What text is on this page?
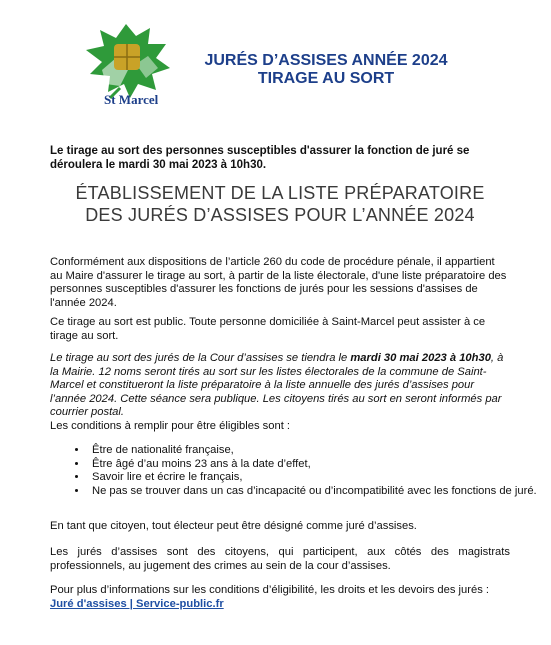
St Marcel
JURÉS D’ASSISES ANNÉE 2024
TIRAGE AU SORT
Le tirage au sort des personnes susceptibles d'assurer la fonction de juré se déroulera le mardi 30 mai 2023 à 10h30.
ÉTABLISSEMENT DE LA LISTE PRÉPARATOIRE
DES JURÉS D’ASSISES POUR L’ANNÉE 2024
Conformément aux dispositions de l’article 260 du code de procédure pénale, il appartient au Maire d'assurer le tirage au sort, à partir de la liste électorale, d'une liste préparatoire des personnes susceptibles d'assurer les fonctions de jurés pour les sessions d'assises de l'année 2024.
Ce tirage au sort est public. Toute personne domiciliée à Saint-Marcel peut assister à ce tirage au sort.
Le tirage au sort des jurés de la Cour d’assises se tiendra le mardi 30 mai 2023 à 10h30, à la Mairie. 12 noms seront tirés au sort sur les listes électorales de la commune de Saint-Marcel et constitueront la liste préparatoire à la liste annuelle des jurés d’assises pour l’année 2024. Cette séance sera publique. Les citoyens tirés au sort en seront informés par courrier postal.
Les conditions à remplir pour être éligibles sont :
• Être de nationalité française,
• Être âgé d’au moins 23 ans à la date d’effet,
• Savoir lire et écrire le français,
• Ne pas se trouver dans un cas d’incapacité ou d’incompatibilité avec les fonctions de juré.
En tant que citoyen, tout électeur peut être désigné comme juré d’assises.
Les jurés d’assises sont des citoyens, qui participent, aux côtés des magistrats professionnels, au jugement des crimes au sein de la cour d’assises.
Pour plus d’informations sur les conditions d’éligibilité, les droits et les devoirs des jurés :
Juré d'assises | Service-public.fr
